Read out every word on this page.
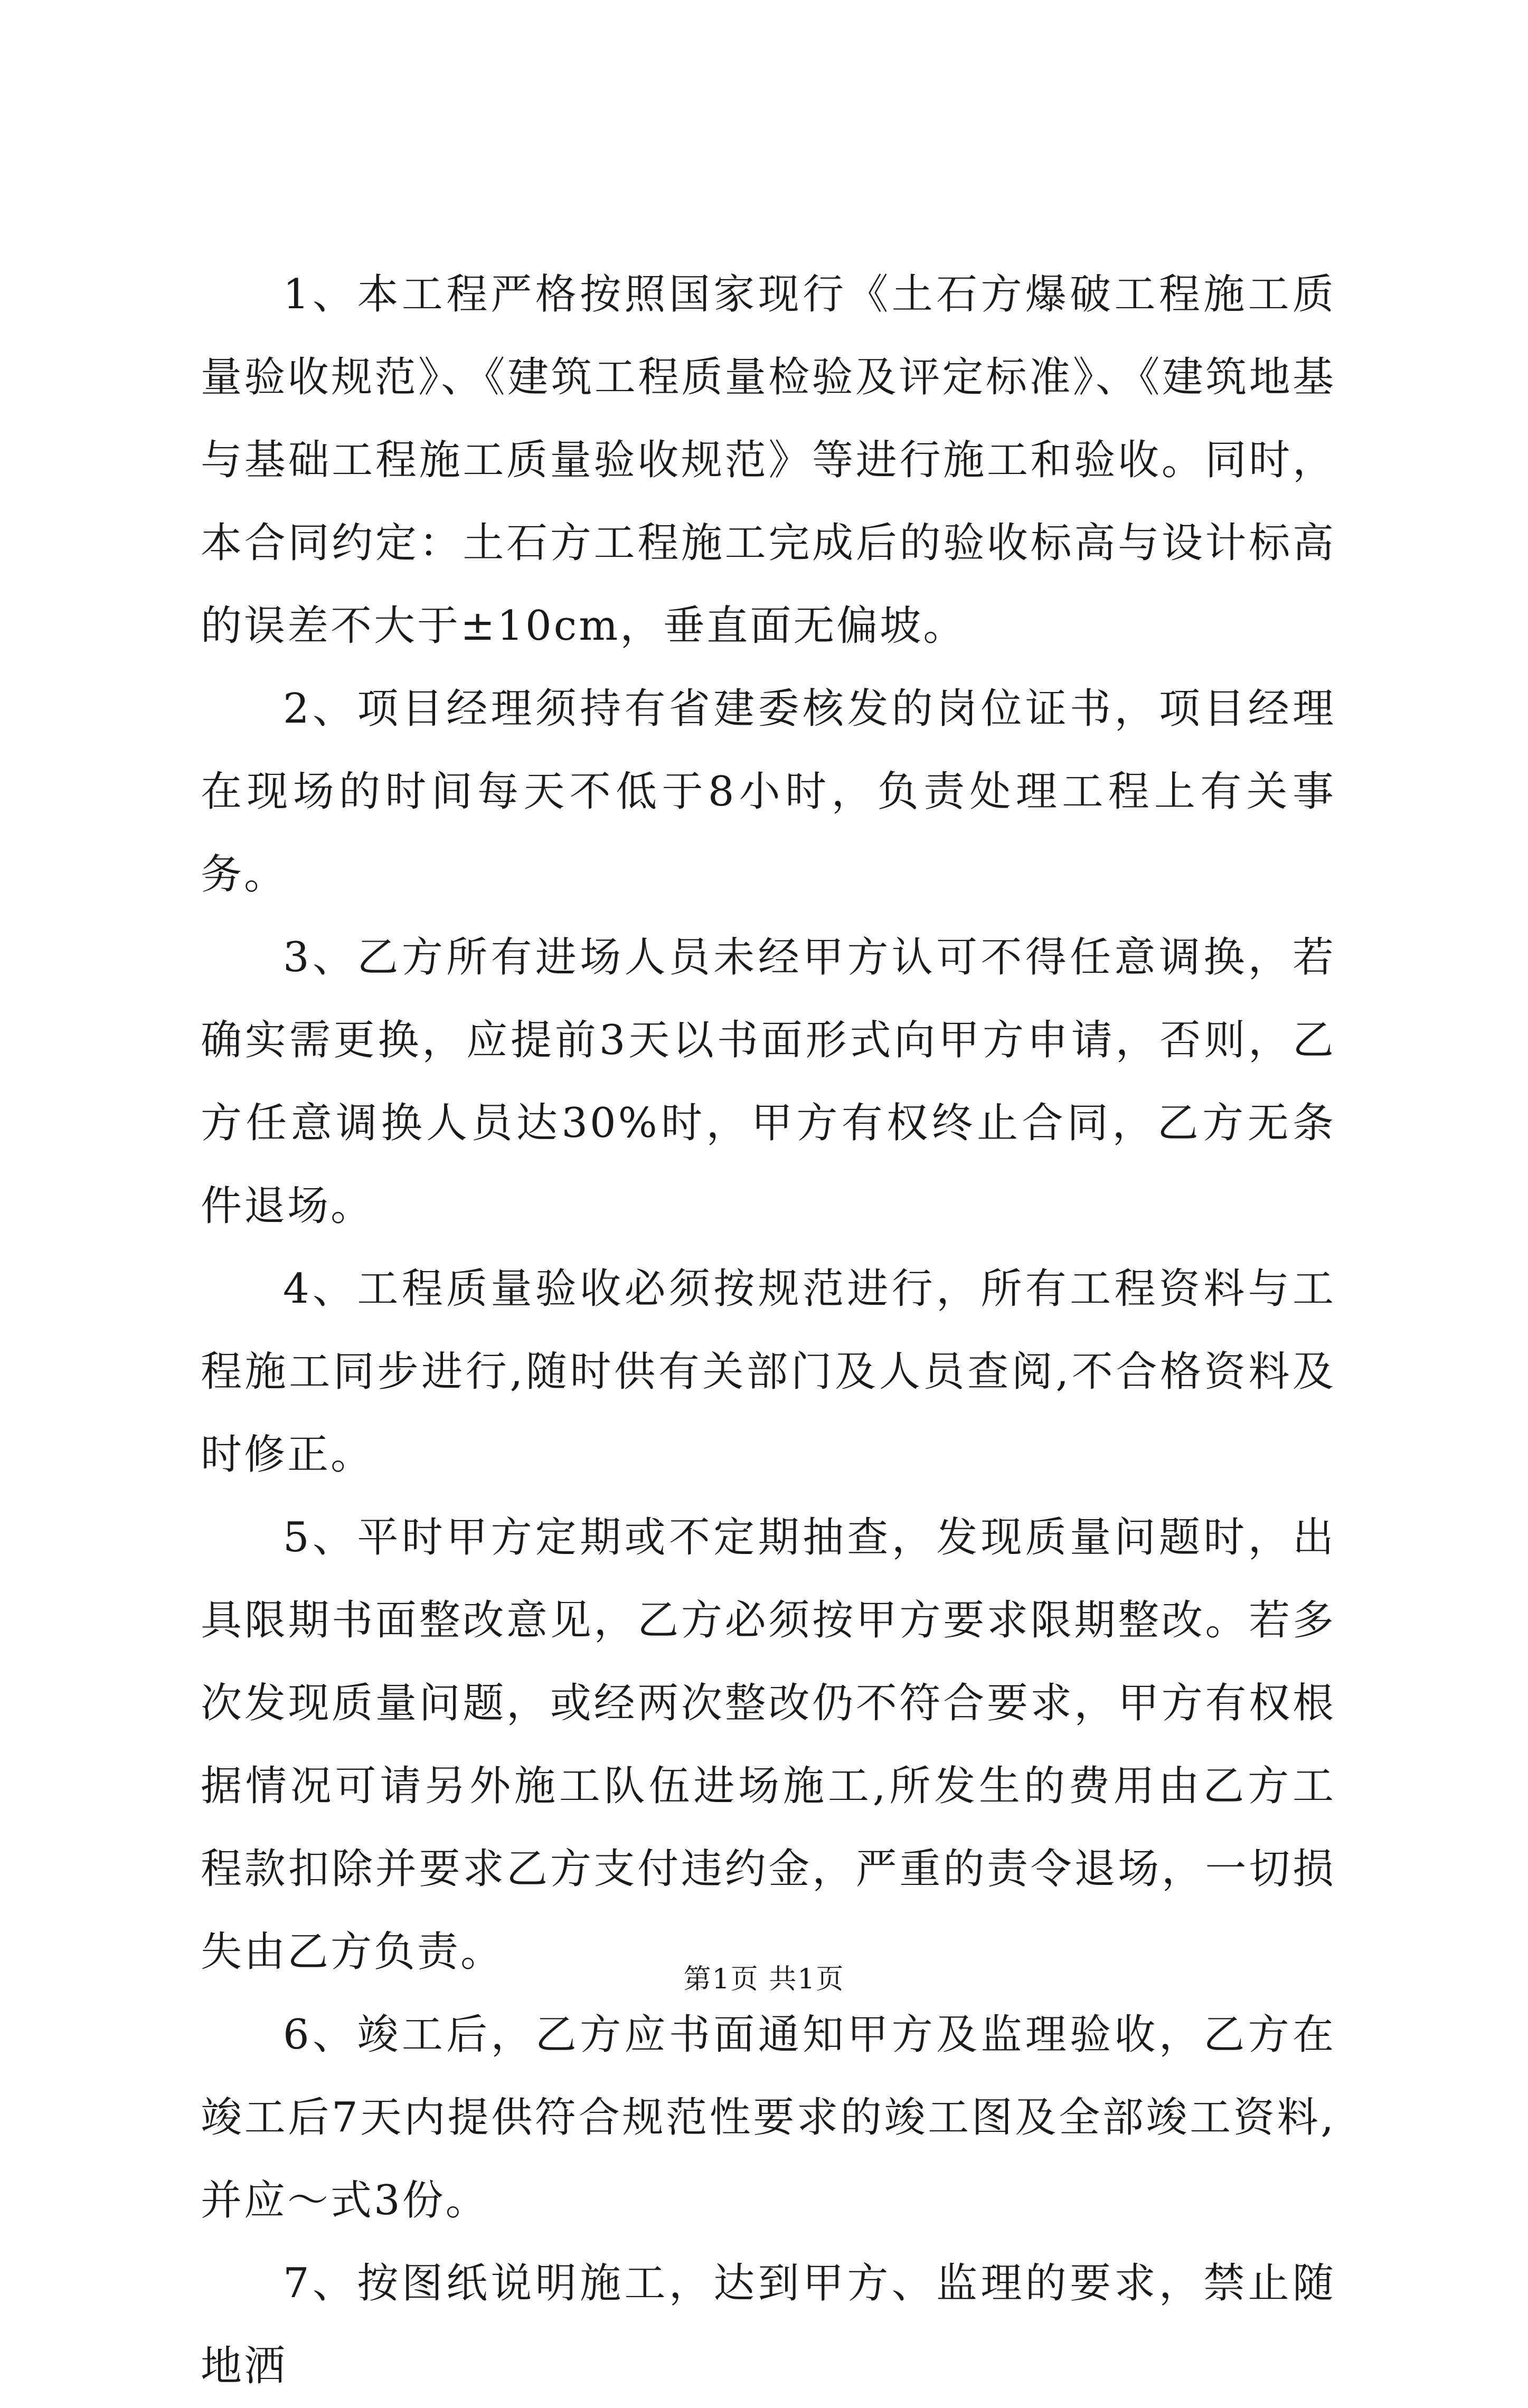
1、本工程严格按照国家现行《土石方爆破工程施工质量验收规范》、《建筑工程质量检验及评定标准》、《建筑地基与基础工程施工质量验收规范》等进行施工和验收。同时，本合同约定：土石方工程施工完成后的验收标高与设计标高的误差不大于±10cm，垂直面无偏坡。

2、项目经理须持有省建委核发的岗位证书，项目经理在现场的时间每天不低于8小时，负责处理工程上有关事务。

3、乙方所有进场人员未经甲方认可不得任意调换，若确实需更换，应提前3天以书面形式向甲方申请，否则，乙方任意调换人员达30%时，甲方有权终止合同，乙方无条件退场。

4、工程质量验收必须按规范进行，所有工程资料与工程施工同步进行,随时供有关部门及人员查阅,不合格资料及时修正。

5、平时甲方定期或不定期抽查，发现质量问题时，出具限期书面整改意见，乙方必须按甲方要求限期整改。若多次发现质量问题，或经两次整改仍不符合要求，甲方有权根据情况可请另外施工队伍进场施工,所发生的费用由乙方工程款扣除并要求乙方支付违约金，严重的责令退场，一切损失由乙方负责。

6、竣工后，乙方应书面通知甲方及监理验收，乙方在竣工后7天内提供符合规范性要求的竣工图及全部竣工资料,并应～式3份。

7、按图纸说明施工，达到甲方、监理的要求，禁止随地洒

第1页 共1页
